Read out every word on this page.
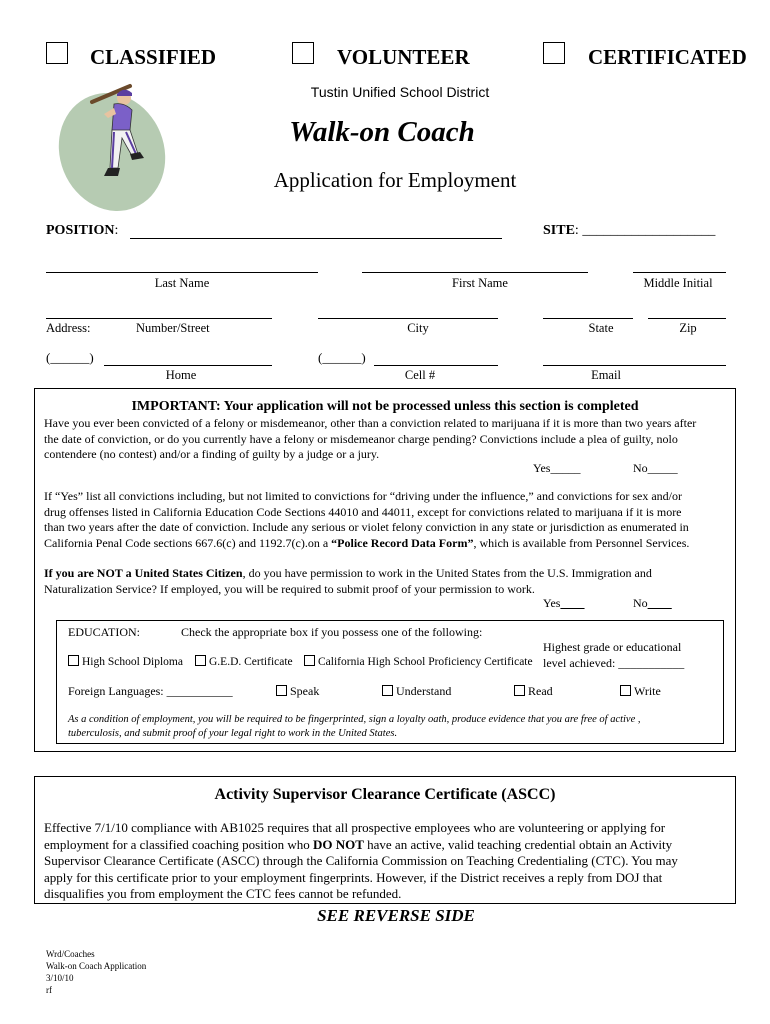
CLASSIFIED	VOLUNTEER	CERTIFICATED
Tustin Unified School District
Walk-on Coach
Application for Employment
POSITION:	SITE: ___________________
Last Name	First Name	Middle Initial
Address:	Number/Street	City	State	Zip
(______)	(______)
Home	Cell #	Email
IMPORTANT: Your application will not be processed unless this section is completed
Have you ever been convicted of a felony or misdemeanor, other than a conviction related to marijuana if it is more than two years after
the date of conviction, or do you currently have a felony or misdemeanor charge pending? Convictions include a plea of guilty, nolo
contendere (no contest) and/or a finding of guilty by a judge or a jury.
Yes_____	No_____
If “Yes” list all convictions including, but not limited to convictions for “driving under the influence,” and convictions for sex and/or
drug offenses listed in California Education Code Sections 44010 and 44011, except for convictions related to marijuana if it is more
than two years after the date of conviction. Include any serious or violet felony conviction in any state or jurisdiction as enumerated in
California Penal Code sections 667.6(c) and 1192.7(c).on a “Police Record Data Form”, which is available from Personnel Services.
If you are NOT a United States Citizen, do you have permission to work in the United States from the U.S. Immigration and
Naturalization Service? If employed, you will be required to submit proof of your permission to work.
Yes____	No____
EDUCATION:	Check the appropriate box if you possess one of the following:
Highest grade or educational
level achieved: ___________
High School Diploma	G.E.D. Certificate	California High School Proficiency Certificate
Foreign Languages: ___________	Speak	Understand	Read	Write
As a condition of employment, you will be required to be fingerprinted, sign a loyalty oath, produce evidence that you are free of active ,
tuberculosis, and submit proof of your legal right to work in the United States.
Activity Supervisor Clearance Certificate (ASCC)
Effective 7/1/10 compliance with AB1025 requires that all prospective employees who are volunteering or applying for
employment for a classified coaching position who DO NOT have an active, valid teaching credential obtain an Activity
Supervisor Clearance Certificate (ASCC) through the California Commission on Teaching Credentialing (CTC). You may
apply for this certificate prior to your employment fingerprints. However, if the District receives a reply from DOJ that
disqualifies you from employment the CTC fees cannot be refunded.
SEE REVERSE SIDE
Wrd/Coaches
Walk-on Coach Application
3/10/10
rf
